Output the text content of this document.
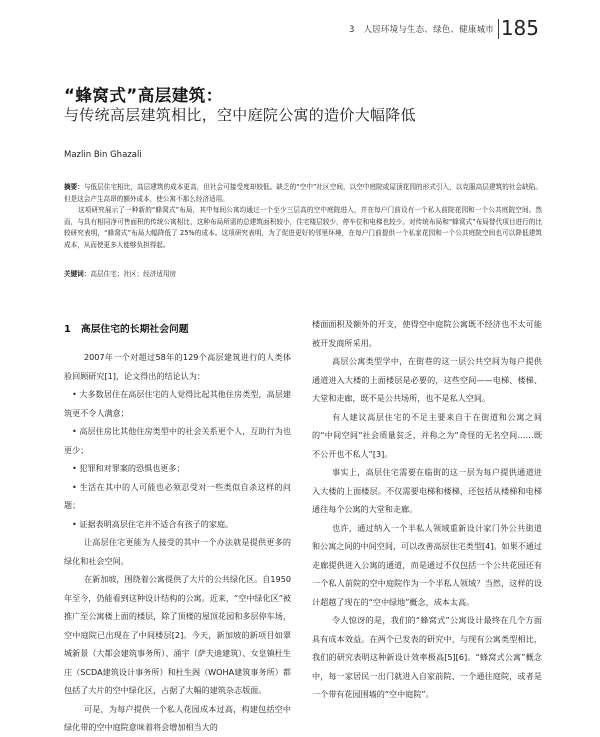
3 人居环境与生态、绿色、健康城市 185
“蜂窝式”高层建筑：
与传统高层建筑相比，空中庭院公寓的造价大幅降低
Mazlin Bin Ghazali

摘要：与低层住宅相比，高层建筑的成本更高，但社会可接受度却较低。缺乏的“空中”社区空间，以空中庭院或屋顶花园的形式引入，以克服高层建筑的社会缺陷。但是这会产生高昂的额外成本，使公寓不那么经济适用。

这项研究展示了一种新的“蜂窝式”布局，其中每间公寓均通过一个至少三层高的空中庭院进入，并在每户门前设有一个私人前院花园和一个公共庭院空间。然而，与具有相同净可售面积的传统公寓相比，这种布局所需的总建筑面积较小，住宅楼层较少，停车位和电梯也较少。对传统布局和“蜂窝式”布局替代项目进行的比较研究表明，“蜂窝式”布局大幅降低了 25%的成本。这项研究表明，为了促进更好的邻里环境，在每户门前提供一个私家花园和一个公共庭院空间也可以降低建筑成本，从而使更多人能够负担得起。

关键词：高层住宅；社区；经济适用房
1 高层住宅的长期社会问题

2007年一个对超过58年的129个高层建筑进行的人类体验回顾研究[1]，论文得出的结论认为：

• 大多数居住在高层住宅的人觉得比起其他住房类型，高层建筑更不令人满意；

• 高层住房比其他住房类型中的社会关系更个人，互助行为也更少；

• 犯罪和对罪案的恐惧也更多；

• 生活在其中的人可能也必须忍受对一些类似自杀这样的问题；

• 证据表明高层住宅并不适合有孩子的家庭。

让高层住宅更能为人接受的其中一个办法就是提供更多的绿化和社会空间。

在新加坡，围绕着公寓提供了大片的公共绿化区。自1950年至今，仍能看到这种设计结构的公寓。近来，“空中绿化区”被推广至公寓楼上面的楼层，除了顶楼的屋顶花园和多层停车场，空中庭院已出现在了中间楼层[2]。今天，新加坡的新项目如翠城新景（大都会建筑事务所）、涌宇（萨夫迪建筑）、女皇镇杜生庄（SCDA建筑设计事务所）和杜生阁（WOHA建筑事务所）都包括了大片的空中绿化区，占据了大幅的建筑杂志版面。

可是，为每户提供一个私人花园成本过高，构建包括空中绿化带的空中庭院意味着将会增加相当大的

楼面面积及额外的开支，使得空中庭院公寓既不经济也不太可能被开发商所采用。

高层公寓类型学中，在街巷的这一层公共空间为每户提供通道进入大楼的上面楼层是必要的，这些空间——电梯、楼梯、大堂和走廊，既不是公共场所，也不是私人空间。

有人建议高层住宅的不足主要来自于在街道和公寓之间的“中间空间”社会质量贫乏，并称之为“奇怪的无名空间……既不公开也不私人”[3]。

事实上，高层住宅需要在临街的这一层为每户提供通道进入大楼的上面楼层。不仅需要电梯和楼梯，还包括从楼梯和电梯通往每个公寓的大堂和走廊。

也许，通过纳入一个半私人领域重新设计家门外公共街道和公寓之间的中间空间，可以改善高层住宅类型[4]。如果不通过走廊提供进入公寓的通道，而是通过不仅包括一个公共花园还有一个私人前院的空中庭院作为一个半私人领域？当然，这样的设计超越了现在的“空中绿地”概念，成本太高。

令人惊讶的是，我们的“蜂窝式”公寓设计最终在几个方面具有成本效益。在两个已发表的研究中，与现有公寓类型相比，我们的研究表明这种新设计效率极高[5][6]。“蜂窝式公寓”概念中，每一家居民一出门就进入自家前院、一个通往庭院，或者是一个带有花园围墙的“空中庭院”。
